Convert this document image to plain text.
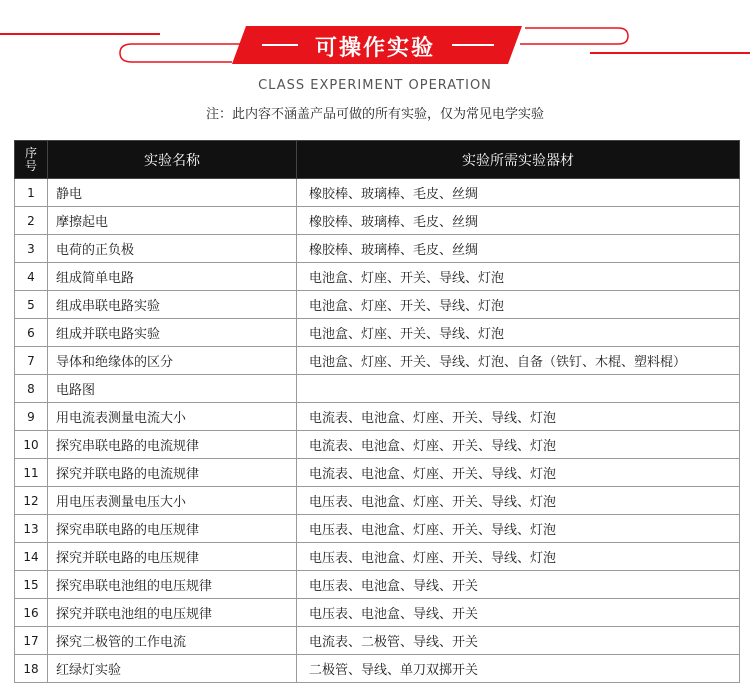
可操作实验
CLASS EXPERIMENT OPERATION
注：此内容不涵盖产品可做的所有实验，仅为常见电学实验
序
号	实验名称	实验所需实验器材
1	静电	橡胶棒、玻璃棒、毛皮、丝绸
2	摩擦起电	橡胶棒、玻璃棒、毛皮、丝绸
3	电荷的正负极	橡胶棒、玻璃棒、毛皮、丝绸
4	组成简单电路	电池盒、灯座、开关、导线、灯泡
5	组成串联电路实验	电池盒、灯座、开关、导线、灯泡
6	组成并联电路实验	电池盒、灯座、开关、导线、灯泡
7	导体和绝缘体的区分	电池盒、灯座、开关、导线、灯泡、自备（铁钉、木棍、塑料棍）
8	电路图	
9	用电流表测量电流大小	电流表、电池盒、灯座、开关、导线、灯泡
10	探究串联电路的电流规律	电流表、电池盒、灯座、开关、导线、灯泡
11	探究并联电路的电流规律	电流表、电池盒、灯座、开关、导线、灯泡
12	用电压表测量电压大小	电压表、电池盒、灯座、开关、导线、灯泡
13	探究串联电路的电压规律	电压表、电池盒、灯座、开关、导线、灯泡
14	探究并联电路的电压规律	电压表、电池盒、灯座、开关、导线、灯泡
15	探究串联电池组的电压规律	电压表、电池盒、导线、开关
16	探究并联电池组的电压规律	电压表、电池盒、导线、开关
17	探究二极管的工作电流	电流表、二极管、导线、开关
18	红绿灯实验	二极管、导线、单刀双掷开关
